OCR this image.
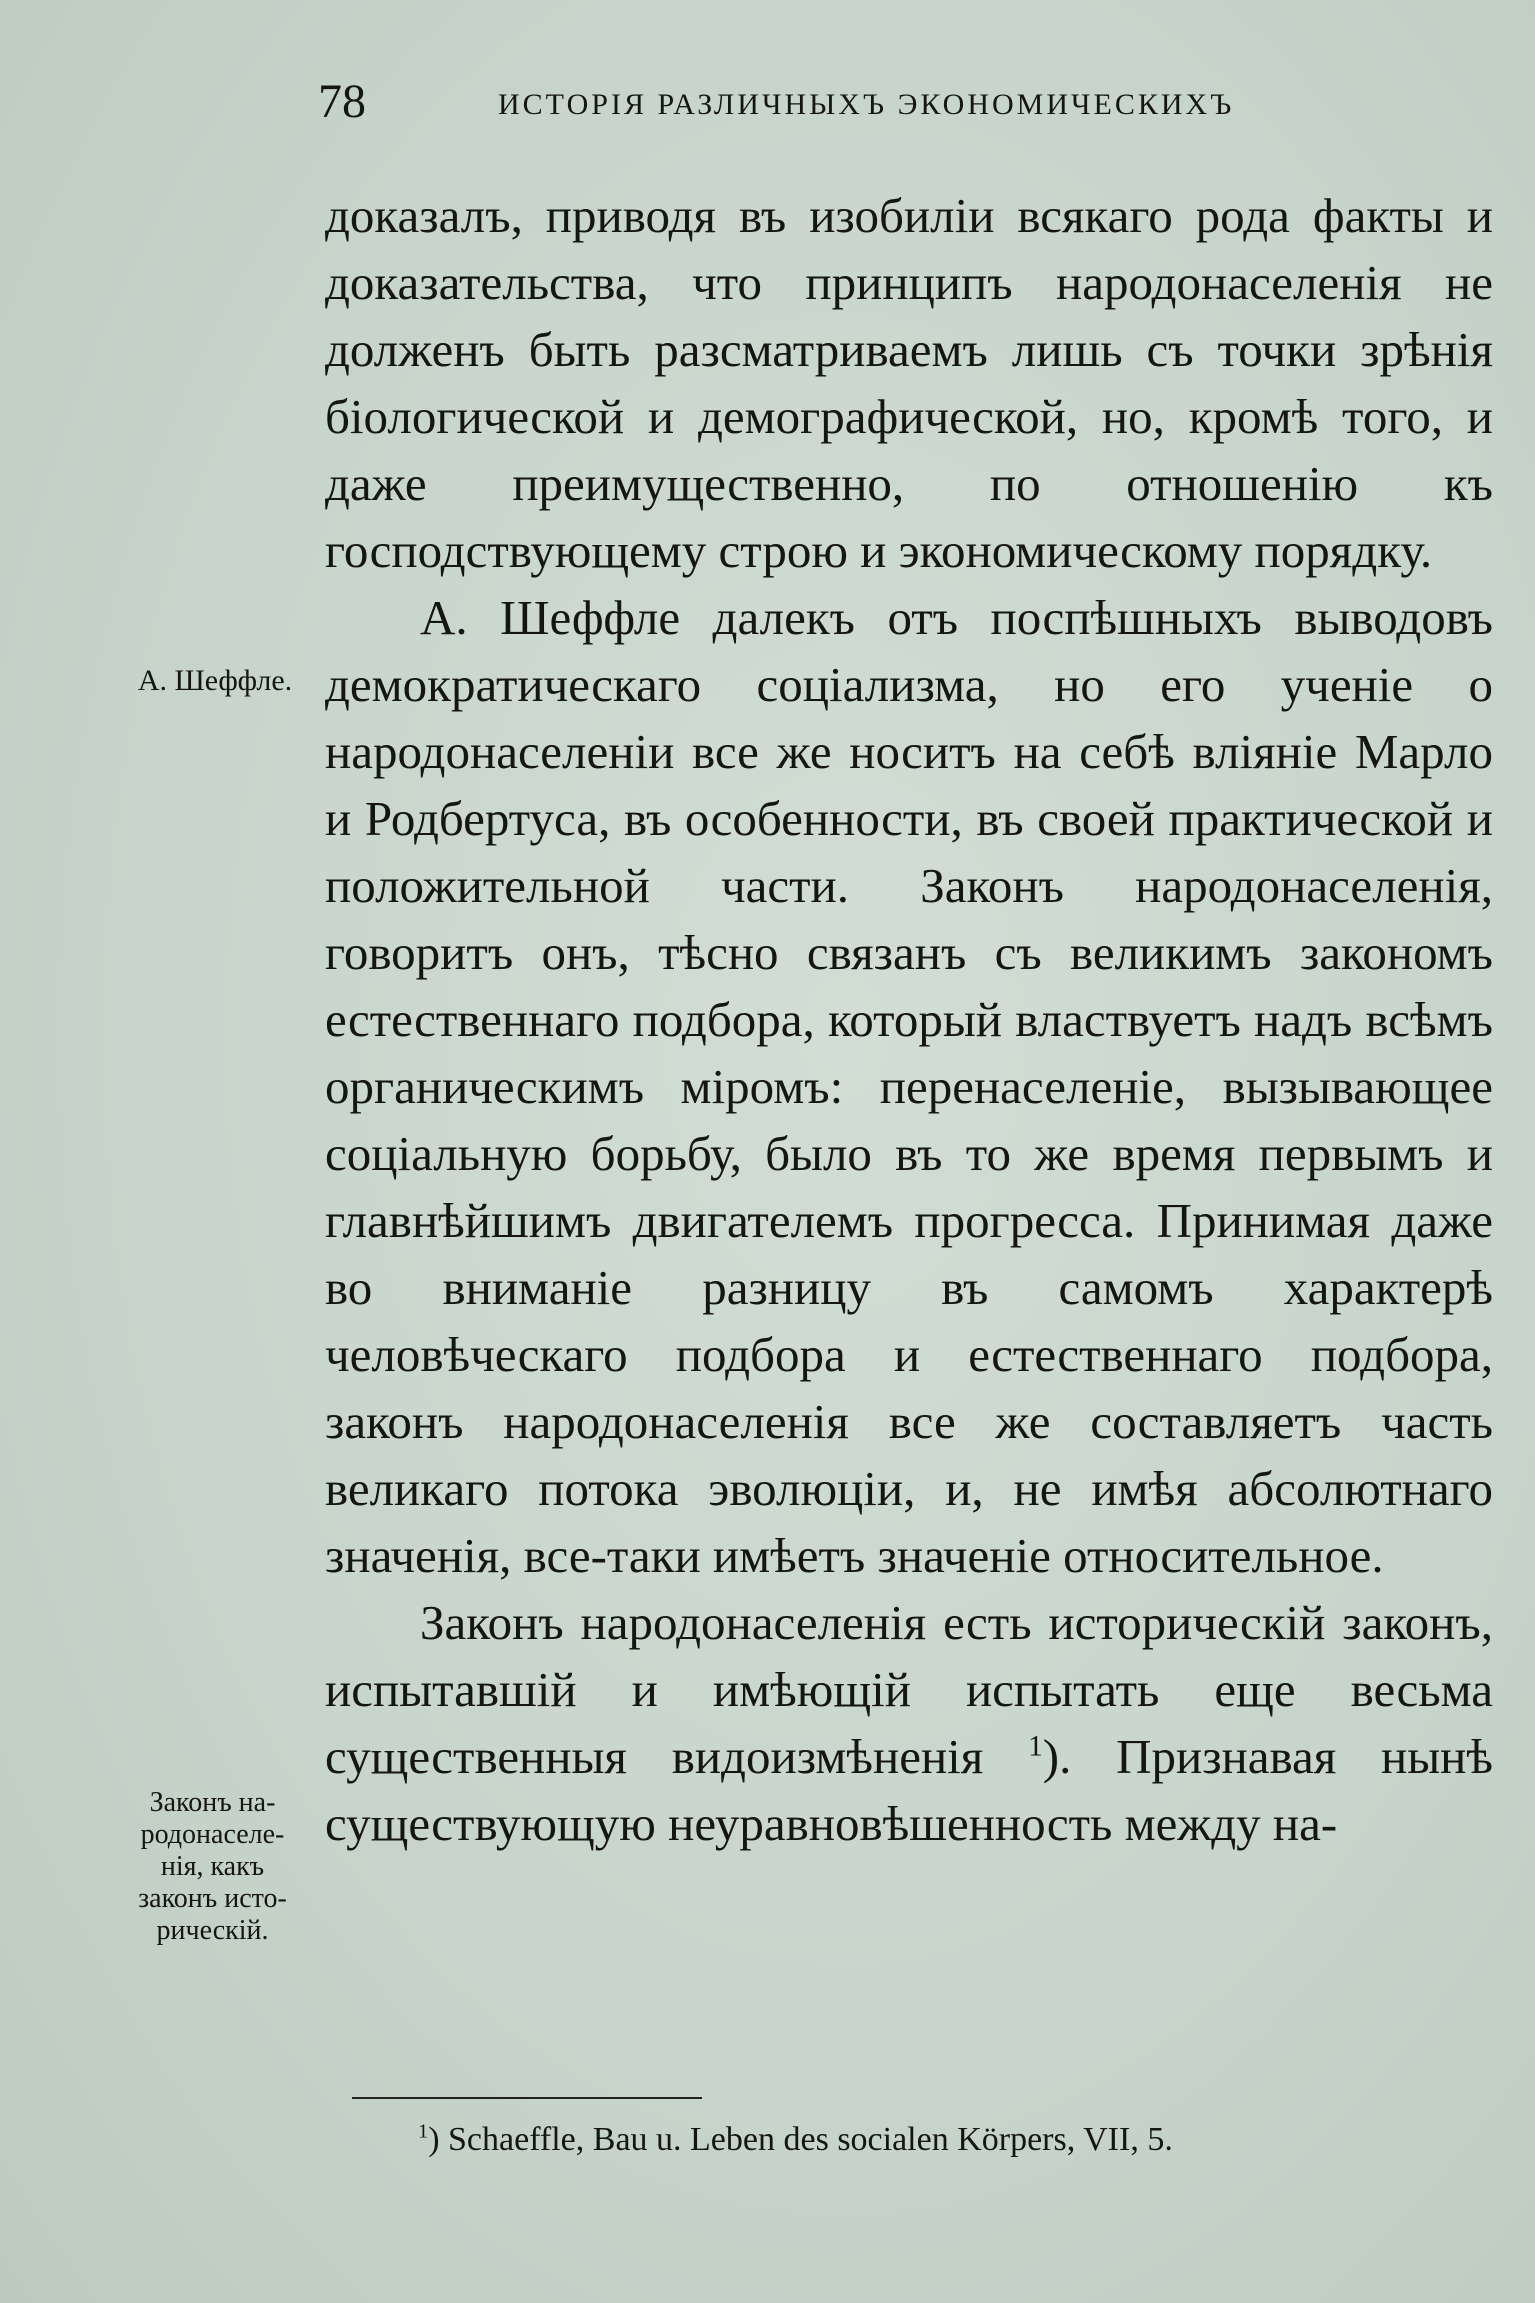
78	ИСТОРІЯ РАЗЛИЧНЫХЪ ЭКОНОМИЧЕСКИХЪ
А. Шеффле.
Законъ на-
родонаселе-
нія, какъ
законъ исто-
рическій.

доказалъ, приводя въ изобиліи всякаго рода факты и доказательства, что принципъ народонаселенія не долженъ быть разсматриваемъ лишь съ точки зрѣнія біологической и демографической, но, кромѣ того, и даже преимущественно, по отношенію къ господствующему строю и экономическому порядку.

А. Шеффле далекъ отъ поспѣшныхъ выводовъ демократическаго соціализма, но его ученіе о народонаселеніи все же носитъ на себѣ вліяніе Марло и Родбертуса, въ особенности, въ своей практической и положительной части. Законъ народонаселенія, говоритъ онъ, тѣсно связанъ съ великимъ закономъ естественнаго подбора, который властвуетъ надъ всѣмъ органическимъ міромъ: перенаселеніе, вызывающее соціальную борьбу, было въ то же время первымъ и главнѣйшимъ двигателемъ прогресса. Принимая даже во вниманіе разницу въ самомъ характерѣ человѣческаго подбора и естественнаго подбора, законъ народонаселенія все же составляетъ часть великаго потока эволюціи, и, не имѣя абсолютнаго значенія, все-таки имѣетъ значеніе относительное.

Законъ народонаселенія есть историческій законъ, испытавшій и имѣющій испытать еще весьма существенныя видоизмѣненія $^1$). Признавая нынѣ существующую неуравновѣшенность между на-

$^1$) Schaeffle, Bau u. Leben des socialen Körpers, VII, 5.
